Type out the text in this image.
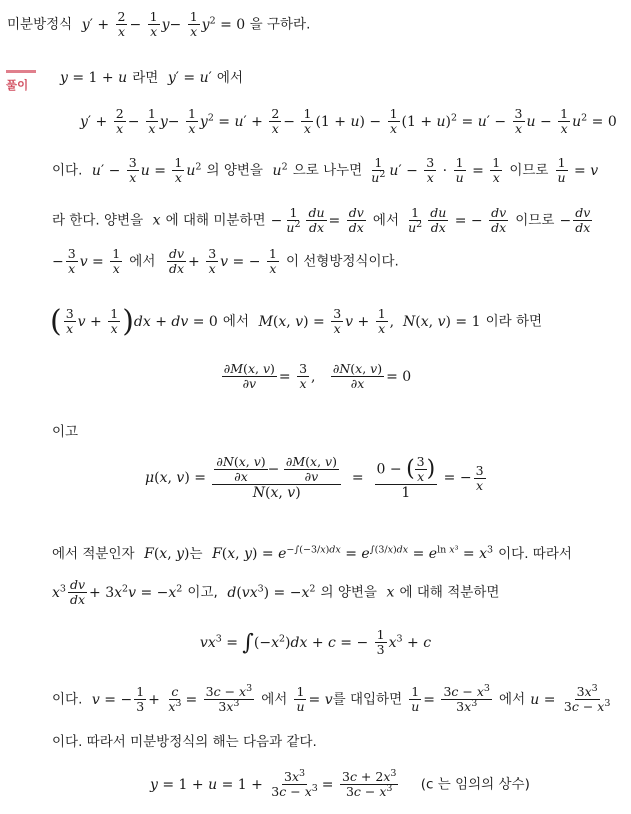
미분방정식 $y' + \frac{2}{x} - \frac{1}{x} y- \frac{1}{x} y^2 = 0$ 을 구하라.
풀이 y = 1 + u 라면 y′ = u′ 에서
$y' + \frac{2}{x} - \frac{1}{x} y- \frac{1}{x} y^2 = u' + \frac{2}{x} - \frac{1}{x} (1 + u) - \frac{1}{x} (1 + u)^2 = u' - \frac{3}{x}$ $u - \frac{1}{x} u^2 = 0$
이다. $u' - \frac{3}{x}$ $u = \frac{1}{x} u^2$ 의 양변을 $u^2$ 으로 나누면 $\frac{1}{u^2} u' - \frac{3}{x} \cdot \frac{1}{u} = \frac{1}{x}$ 이므로 $\frac{1}{u} = v$
라 한다. 양변을 x 에 대해 미분하면 − $\frac{1}{u^2} \frac{du}{dx} = \frac{dv}{dx}$ 에서 $\frac{1}{u^2} \frac{du}{dx}$ = − $\frac{dv}{dx}$ 이므로 − $\frac{dv}{dx}$
− $\frac{3}{x}$ $v = \frac{1}{x}$ 에서 $\frac{dv}{dx} + \frac{3}{x}$ v = − $\frac{1}{x}$ 이 선형방정식이다.
( $\frac{3}{x}$ $v + \frac{1}{x} )dx$ + dv = 0 에서 M(x, $v) = \frac{3}{x}$ $v + \frac{1}{x}$ ,  N(x, v) = 1 이라 하면
$\frac{\partial M(x, v)}{\partial v} = \frac{3}{x}$ , $\frac{\partial N(x, v)}{\partial x} = 0$
이고
μ(x, $v) = \frac{\frac{\partial N(x, v)}{\partial x} - \frac{\partial M(x, v)}{\partial v}}{N(x, v)} = \frac{0 - ( \frac{3}{x} )}{1}$ = − $\frac{3}{x}$
에서 적분인자 F(x, y)는 F(x, $y) = e^{-\int(-3/x)dx} = e^{\int(3/x)dx} = e^{ln x^3} = x^3$ 이다. 따라서
$x^3 \frac{dv}{dx} + 3x^2v = -x^2$ 이고, $d(vx^3) = -x^2$ 의 양변을 x 에 대해 적분하면
$vx^3 = \int(-x^2)dx + c$ = − $\frac{1}{3} x^3 + c$
이다. v = − $\frac{1}{3} + \frac{c}{x^3} = \frac{3c - x^3}{3x^3}$ 에서 $\frac{1}{u} = v$를 대입하면 $\frac{1}{u} = \frac{3c - x^3}{3x^3}$ 에서 $u = \frac{3x^3}{3c - x^3}$
이다. 따라서 미분방정식의 해는 다음과 같다.
$y = 1 + u = 1 + \frac{3x^3}{3c - x^3} = \frac{3c + 2x^3}{3c - x^3} (c$ 는 임의의 상수)
